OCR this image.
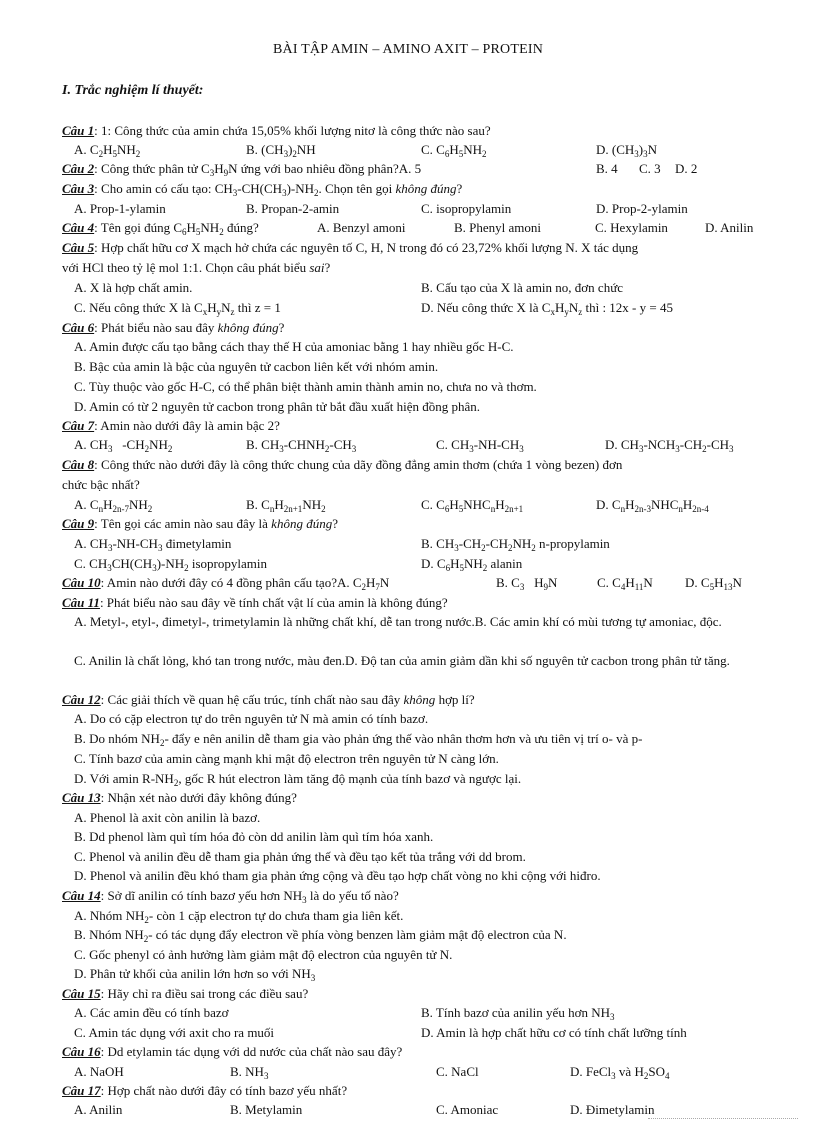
BÀI TẬP AMIN – AMINO AXIT – PROTEIN
I. Trắc nghiệm lí thuyết:
Câu 1: 1: Công thức của amin chứa 15,05% khối lượng nitơ là công thức nào sau?
A. $C_2H_5NH_2$	B. $(CH_3)_2NH$	C. $C_6H_5NH_2$	D. $(CH_3)_3N$
Câu 2: Công thức phân tử $C_3H_9N$ ứng với bao nhiêu đồng phân?A. 5	B. 4 C. 3 D. 2
Câu 3: Cho amin có cấu tạo: $CH_3-CH(CH_3)-NH_2$. Chọn tên gọi không đúng?
A. Prop-1-ylamin	B. Propan-2-amin	C. isopropylamin	D. Prop-2-ylamin
Câu 4: Tên gọi đúng $C_6H_5NH_2$ đúng?	A. Benzyl amoni	B. Phenyl amoni	C. Hexylamin	D. Anilin
Câu 5: Hợp chất hữu cơ X mạch hở chứa các nguyên tố C, H, N trong đó có 23,72% khối lượng N. X tác dụng
với HCl theo tỷ lệ mol 1:1. Chọn câu phát biểu sai?
A. X là hợp chất amin.	B. Cấu tạo của X là amin no, đơn chức
C. Nếu công thức X là $C_xH_yN_z$ thì z = 1	D. Nếu công thức X là $C_xH_yN_z$ thì : 12x - y = 45
Câu 6: Phát biểu nào sau đây không đúng?
A. Amin được cấu tạo bằng cách thay thế H của amoniac bằng 1 hay nhiều gốc H-C.
B. Bậc của amin là bậc của nguyên tử cacbon liên kết với nhóm amin.
C. Tùy thuộc vào gốc H-C, có thể phân biệt thành amin thành amin no, chưa no và thơm.
D. Amin có từ 2 nguyên tử cacbon trong phân tử bắt đầu xuất hiện đồng phân.
Câu 7: Amin nào dưới đây là amin bậc 2?
A. $CH_3$   $-CH_2NH_2$	B. $CH_3-CHNH_2-CH_3$	C. $CH_3-NH-CH_3$	D. $CH_3-NCH_3-CH_2-CH_3$
Câu 8: Công thức nào dưới đây là công thức chung của dãy đồng đẳng amin thơm (chứa 1 vòng bezen) đơn
chức bậc nhất?
A. $C_nH_{2n-7}NH_2$	B. $C_nH_{2n+1}NH_2$	C. $C_6H_5NHC_nH_{2n+1}$	D. $C_nH_{2n-3}NHC_nH_{2n-4}$
Câu 9: Tên gọi các amin nào sau đây là không đúng?
A. $CH_3-NH-CH_3$ đimetylamin	B. $CH_3-CH_2-CH_2NH_2$ n-propylamin
C. $CH_3CH(CH_3)-NH_2$ isopropylamin	D. $C_6H_5NH_2$ alanin
Câu 10: Amin nào dưới đây có 4 đồng phân cấu tạo?A. $C_2H_7N$	B. $C_3$   $H_9N$	C. $C_4H_{11}N$ D. $C_5H_{13}N$
Câu 11: Phát biểu nào sau đây về tính chất vật lí của amin là không đúng?
A. Metyl-, etyl-, đimetyl-, trimetylamin là những chất khí, dễ tan trong nước.B. Các amin khí có mùi tương tự amoniac, độc.
C. Anilin là chất lỏng, khó tan trong nước, màu đen.D. Độ tan của amin giảm dần khi số nguyên tử cacbon trong phân tử tăng.
Câu 12: Các giải thích về quan hệ cấu trúc, tính chất nào sau đây không hợp lí?
A. Do có cặp electron tự do trên nguyên tử N mà amin có tính bazơ.
B. Do nhóm $NH_2-$ đẩy e nên anilin dễ tham gia vào phản ứng thế vào nhân thơm hơn và ưu tiên vị trí o- và p-
C. Tính bazơ của amin càng mạnh khi mật độ electron trên nguyên tử N càng lớn.
D. Với amin $R-NH_2$, gốc R hút electron làm tăng độ mạnh của tính bazơ và ngược lại.
Câu 13: Nhận xét nào dưới đây không đúng?
A. Phenol là axit còn anilin là bazơ.
B. Dd phenol làm quì tím hóa đỏ còn dd anilin làm quì tím hóa xanh.
C. Phenol và anilin đều dễ tham gia phản ứng thế và đều tạo kết tủa trắng với dd brom.
D. Phenol và anilin đều khó tham gia phản ứng cộng và đều tạo hợp chất vòng no khi cộng với hiđro.
Câu 14: Sở dĩ anilin có tính bazơ yếu hơn $NH_3$ là do yếu tố nào?
A. Nhóm $NH_2-$ còn 1 cặp electron tự do chưa tham gia liên kết.
B. Nhóm $NH_2-$ có tác dụng đẩy electron về phía vòng benzen làm giảm mật độ electron của N.
C. Gốc phenyl có ảnh hưởng làm giảm mật độ electron của nguyên tử N.
D. Phân tử khối của anilin lớn hơn so với $NH_3$
Câu 15: Hãy chỉ ra điều sai trong các điều sau?
A. Các amin đều có tính bazơ	B. Tính bazơ của anilin yếu hơn $NH_3$
C. Amin tác dụng với axit cho ra muối	D. Amin là hợp chất hữu cơ có tính chất lưỡng tính
Câu 16: Dd etylamin tác dụng với dd nước của chất nào sau đây?
A. NaOH	B. $NH_3$	C. NaCl	D. FeCl$_3$ và $H_2SO_4$
Câu 17: Hợp chất nào dưới đây có tính bazơ yếu nhất?
A. Anilin	B. Metylamin	C. Amoniac	D. Đimetylamin
